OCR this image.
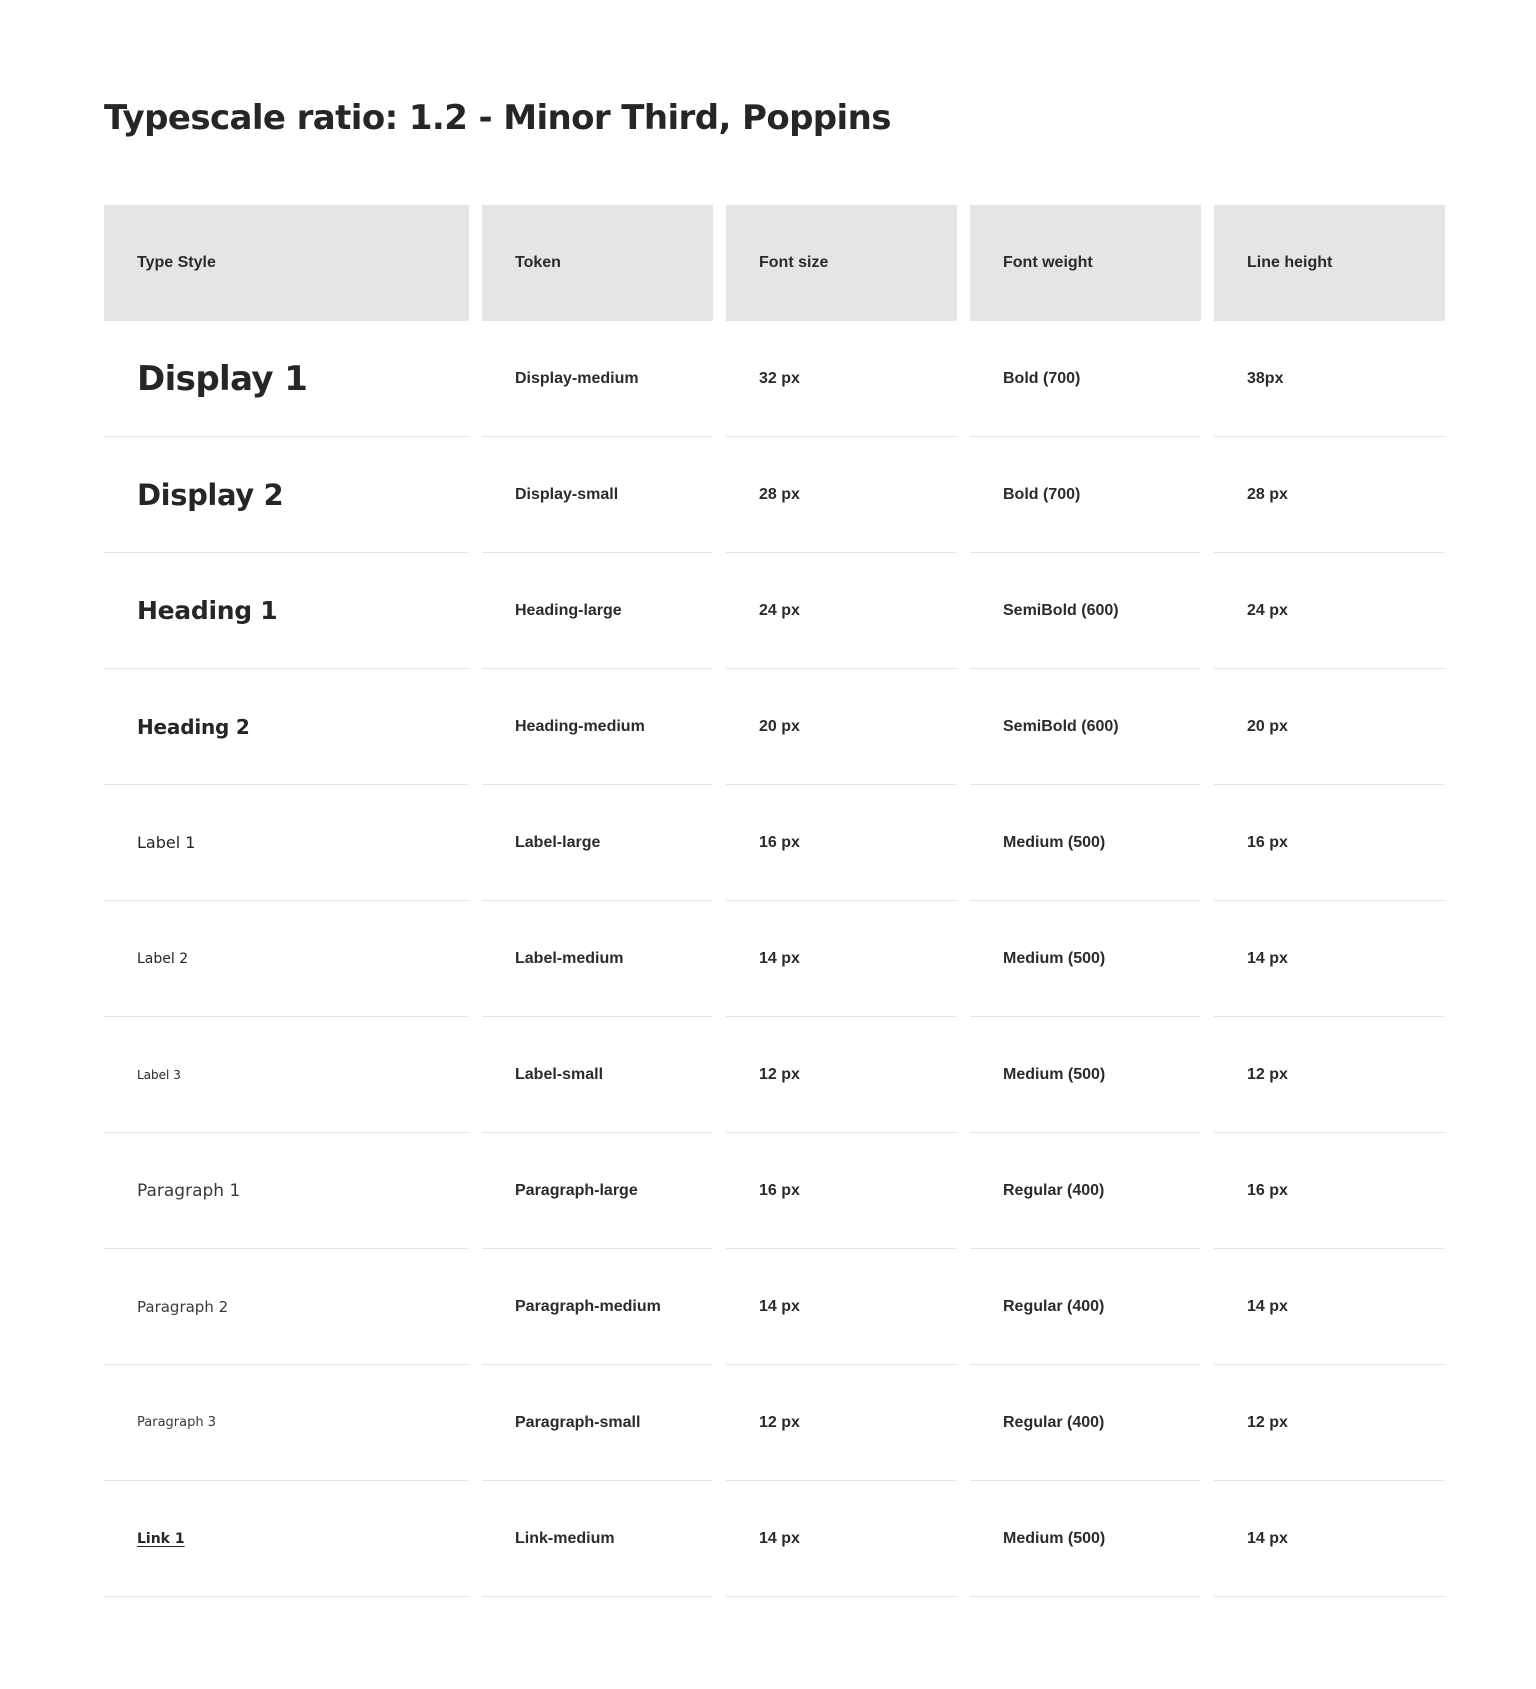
Typescale ratio: 1.2 - Minor Third, Poppins
Type Style	Token	Font size	Font weight	Line height
Display 1	Display-medium	32 px	Bold (700)	38px
Display 2	Display-small	28 px	Bold (700)	28 px
Heading 1	Heading-large	24 px	SemiBold (600)	24 px
Heading 2	Heading-medium	20 px	SemiBold (600)	20 px
Label 1	Label-large	16 px	Medium (500)	16 px
Label 2	Label-medium	14 px	Medium (500)	14 px
Label 3	Label-small	12 px	Medium (500)	12 px
Paragraph 1	Paragraph-large	16 px	Regular (400)	16 px
Paragraph 2	Paragraph-medium	14 px	Regular (400)	14 px
Paragraph 3	Paragraph-small	12 px	Regular (400)	12 px
Link 1	Link-medium	14 px	Medium (500)	14 px
